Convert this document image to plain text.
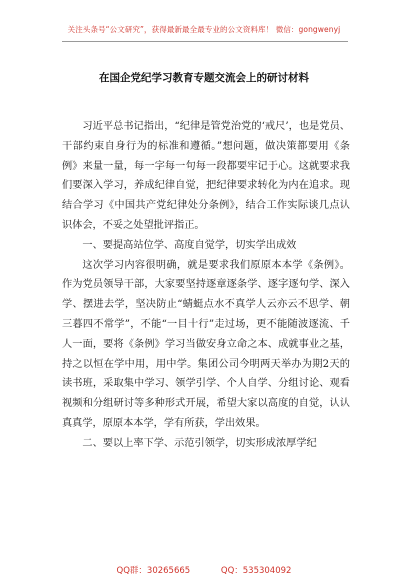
关注头条号“公文研究”，获得最新最全最专业的公文资料库！ 微信：gongwenyj
在国企党纪学习教育专题交流会上的研讨材料

习近平总书记指出，“纪律是管党治党的‘戒尺’，也是党员、干部约束自身行为的标准和遵循。”想问题，做决策都要用《条例》来量一量，每一字每一句每一段都要牢记于心。这就要求我们要深入学习，养成纪律自觉，把纪律要求转化为内在追求。现结合学习《中国共产党纪律处分条例》，结合工作实际谈几点认识体会，不妥之处望批评指正。

一、要提高站位学、高度自觉学，切实学出成效

这次学习内容很明确，就是要求我们原原本本学《条例》。作为党员领导干部，大家要坚持逐章逐条学、逐字逐句学、深入学、摆进去学，坚决防止“蜻蜓点水不真学人云亦云不思学、朝三暮四不常学”，不能“一目十行”走过场，更不能随波逐流、千人一面，要将《条例》学习当做安身立命之本、成就事业之基，持之以恒在学中用，用中学。集团公司今明两天举办为期2天的读书班，采取集中学习、领学引学、个人自学、分组讨论、观看视频和分组研讨等多种形式开展，希望大家以高度的自觉，认认真真学，原原本本学，学有所获，学出效果。

二、要以上率下学、示范引领学，切实形成浓厚学纪

QQ群：30265665	QQ：535304092
